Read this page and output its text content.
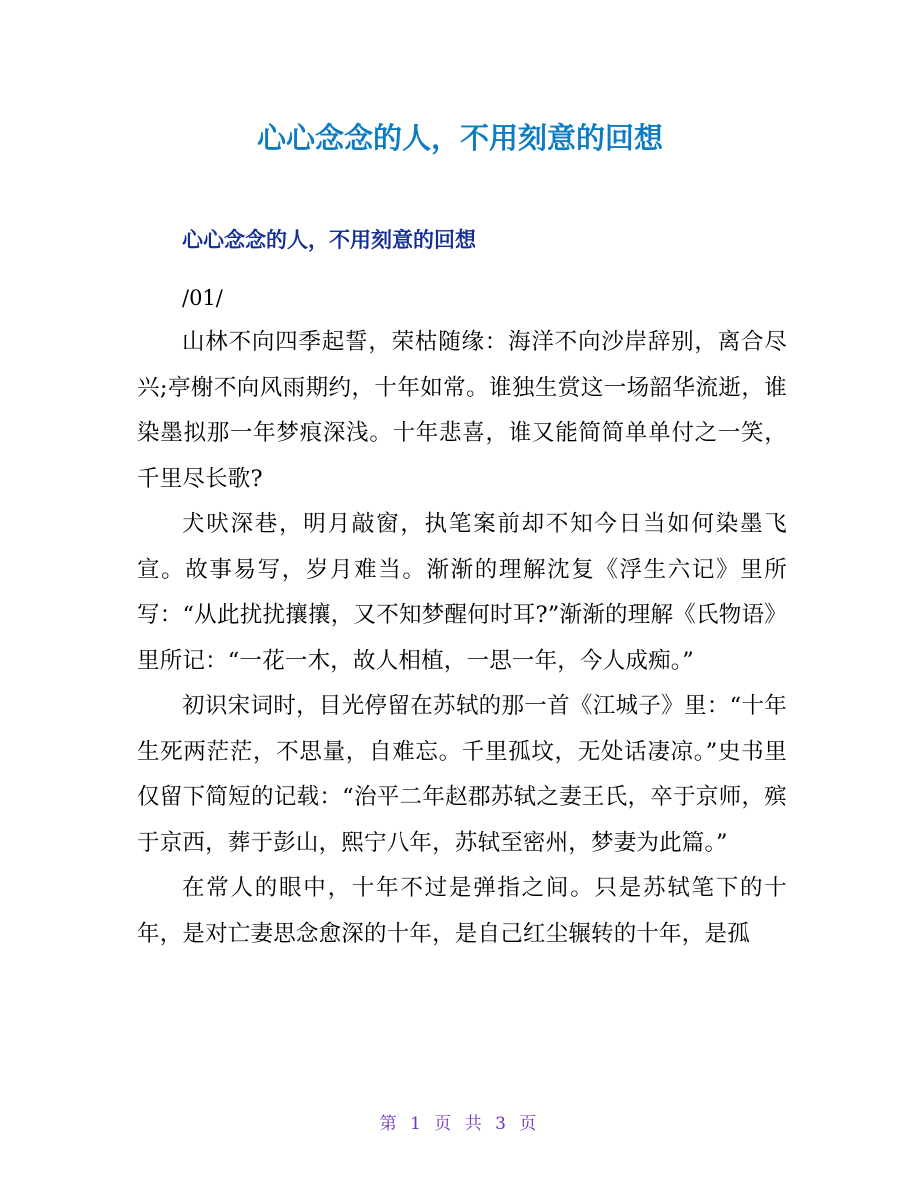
心心念念的人，不用刻意的回想
心心念念的人，不用刻意的回想

/01/

山林不向四季起誓，荣枯随缘：海洋不向沙岸辞别，离合尽兴;亭榭不向风雨期约，十年如常。谁独生赏这一场韶华流逝，谁染墨拟那一年梦痕深浅。十年悲喜，谁又能简简单单付之一笑，千里尽长歌?

犬吠深巷，明月敲窗，执笔案前却不知今日当如何染墨飞宣。故事易写，岁月难当。渐渐的理解沈复《浮生六记》里所写：“从此扰扰攘攘，又不知梦醒何时耳?”渐渐的理解《氏物语》里所记：“一花一木，故人相植，一思一年，今人成痴。”

初识宋词时，目光停留在苏轼的那一首《江城子》里：“十年生死两茫茫，不思量，自难忘。千里孤坟，无处话凄凉。”史书里仅留下简短的记载：“治平二年赵郡苏轼之妻王氏，卒于京师，殡于京西，葬于彭山，熙宁八年，苏轼至密州，梦妻为此篇。”

在常人的眼中，十年不过是弹指之间。只是苏轼笔下的十年，是对亡妻思念愈深的十年，是自己红尘辗转的十年，是孤

第 1 页 共 3 页
